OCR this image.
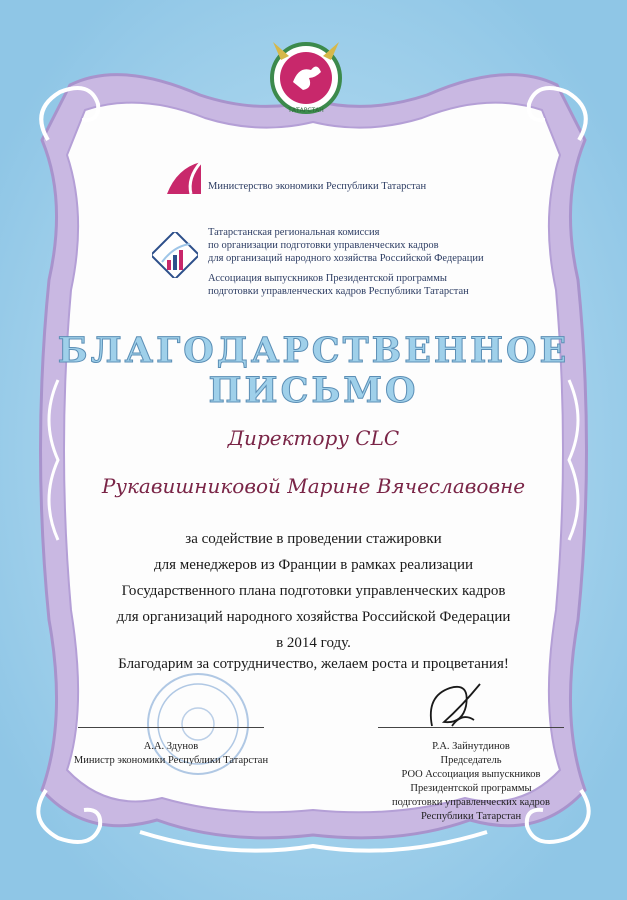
ТАТАРСТАН
Министерство экономики Республики Татарстан
Татарстанская региональная комиссия
по организации подготовки управленческих кадров
для организаций народного хозяйства Российской Федерации
Ассоциация выпускников Президентской программы
подготовки управленческих кадров Республики Татарстан
БЛАГОДАРСТВЕННОЕ
ПИСЬМО
Директору CLC
Рукавишниковой Марине Вячеславовне
за содействие в проведении стажировки
для менеджеров из Франции в рамках реализации
Государственного плана подготовки управленческих кадров
для организаций народного хозяйства Российской Федерации
в 2014 году.
Благодарим за сотрудничество, желаем роста и процветания!
А.А. Здунов
Министр экономики Республики Татарстан
Р.А. Зайнутдинов
Председатель
РОО Ассоциация выпускников
Президентской программы
подготовки управленческих кадров
Республики Татарстан
